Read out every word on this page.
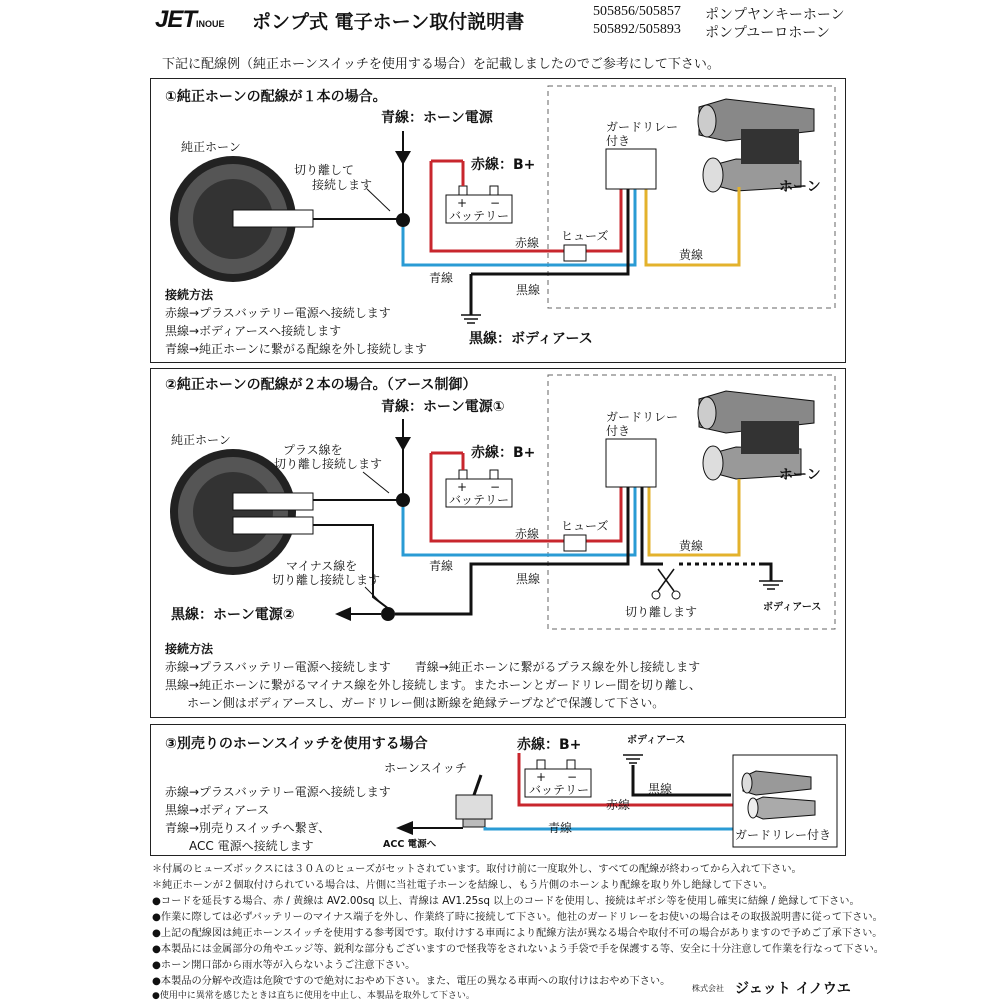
JETINOUE ポンプ式 電子ホーン取付説明書	505856/505857 ポンプヤンキーホーン
505892/505893 ポンプユーロホーン
下記に配線例（純正ホーンスイッチを使用する場合）を記載しましたのでご参考にして下さい。
①純正ホーンの配線が１本の場合。
純正ホーン
切り離して
接続します
青線：ホーン電源
+ −
バッテリー
赤線：B+
ヒューズ
ガードリレー
付き
ホーン
赤線
青線
黒線
黄線
黒線：ボディアース
接続方法
赤線→プラスバッテリー電源へ接続します
黒線→ボディアースへ接続します
青線→純正ホーンに繋がる配線を外し接続します
②純正ホーンの配線が２本の場合。（アース制御）
純正ホーン
プラス線を
切り離し接続します
マイナス線を
切り離し接続します
青線：ホーン電源①
黒線：ホーン電源②	切り離します	ボディアース
+ −
バッテリー
赤線：B+
ヒューズ
ガードリレー
付き
ホーン
赤線
青線
黒線
黄線
接続方法
赤線→プラスバッテリー電源へ接続します　　青線→純正ホーンに繋がるプラス線を外し接続します
黒線→純正ホーンに繋がるマイナス線を外し接続します。またホーンとガードリレー間を切り離し、
ホーン側はボディアースし、ガードリレー側は断線を絶縁テープなどで保護して下さい。
③別売りのホーンスイッチを使用する場合
ホーンスイッチ
ACC 電源へ
青線
赤線：B+
+ −
バッテリー
赤線
ボディアース
黒線
ガードリレー付き
赤線→プラスバッテリー電源へ接続します
黒線→ボディアース
青線→別売りスイッチへ繋ぎ、
　　ACC 電源へ接続します
＊付属のヒューズボックスには３０Ａのヒューズがセットされています。取付け前に一度取外し、すべての配線が終わってから入れて下さい。
＊純正ホーンが２個取付けられている場合は、片側に当社電子ホーンを結線し、もう片側のホーンより配線を取り外し絶縁して下さい。
●コードを延長する場合、赤 / 黄線は AV2.00sq 以上、青線は AV1.25sq 以上のコードを使用し、接続はギボシ等を使用し確実に結線 / 絶縁して下さい。
●作業に際しては必ずバッテリーのマイナス端子を外し、作業終了時に接続して下さい。他社のガードリレーをお使いの場合はその取扱説明書に従って下さい。
●上記の配線図は純正ホーンスイッチを使用する参考図です。取付けする車両により配線方法が異なる場合や取付不可の場合がありますので予めご了承下さい。
●本製品には金属部分の角やエッジ等、鋭利な部分もございますので怪我等をされないよう手袋で手を保護する等、安全に十分注意して作業を行なって下さい。
●ホーン開口部から雨水等が入らないようご注意下さい。
●本製品の分解や改造は危険ですので絶対におやめ下さい。また、電圧の異なる車両への取付けはおやめ下さい。
●使用中に異常を感じたときは直ちに使用を中止し、本製品を取外して下さい。
株式会社 ジェット イノウエ
